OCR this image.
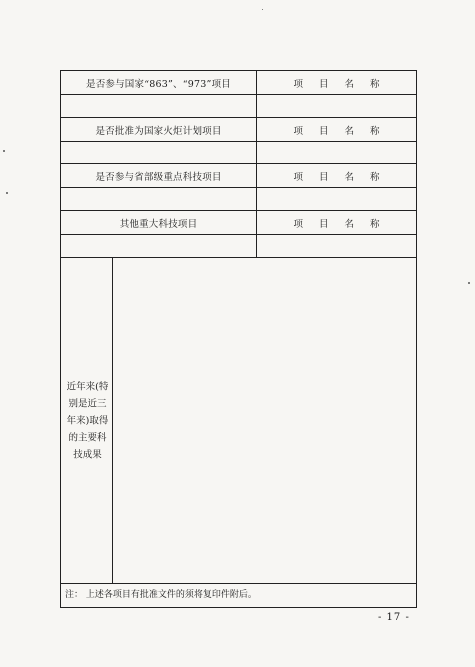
是否参与国家“863”、“973”项目	项 目 名 称
是否批准为国家火炬计划项目	项 目 名 称
是否参与省部级重点科技项目	项 目 名 称
其他重大科技项目	项 目 名 称
近年来(特
别是近三
年来)取得
的主要科
技成果
注： 上述各项目有批准文件的须将复印件附后。
- 17 -
